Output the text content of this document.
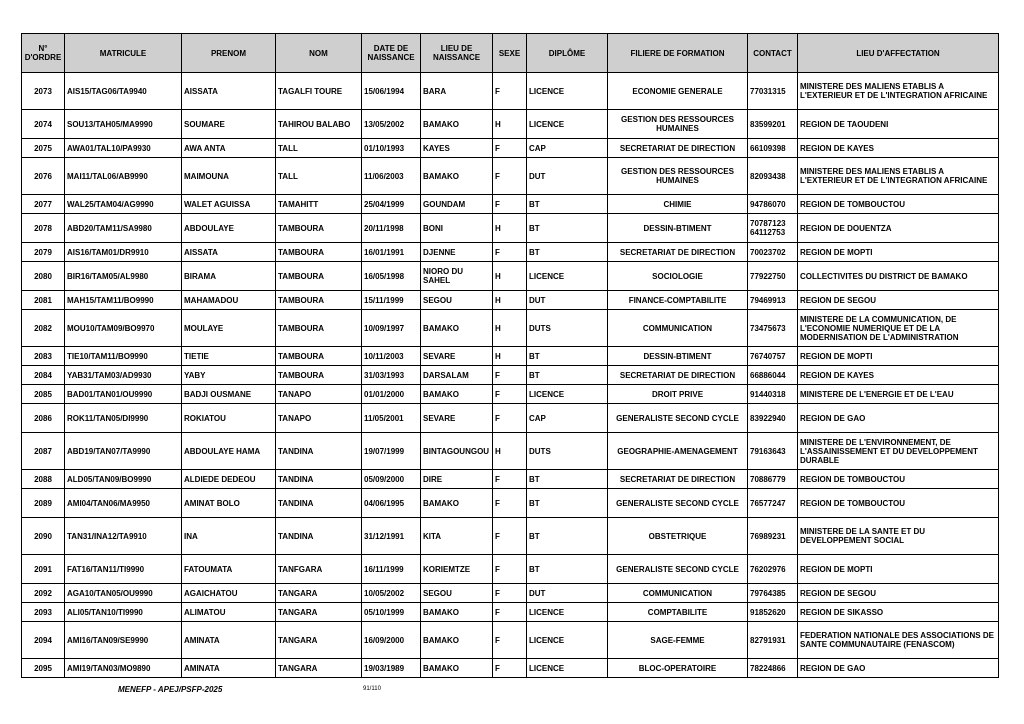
N° D'ORDRE	MATRICULE	PRENOM	NOM	DATE DE NAISSANCE	LIEU DE NAISSANCE	SEXE	DIPLÔME	FILIERE DE FORMATION	CONTACT	LIEU D'AFFECTATION
2073	AIS15/TAG06/TA9940	AISSATA	TAGALFI TOURE	15/06/1994	BARA	F	LICENCE	ECONOMIE GENERALE	77031315	MINISTERE DES MALIENS ETABLIS A L'EXTERIEUR ET DE L'INTEGRATION AFRICAINE
2074	SOU13/TAH05/MA9990	SOUMARE	TAHIROU BALABO	13/05/2002	BAMAKO	H	LICENCE	GESTION DES RESSOURCES HUMAINES	83599201	REGION DE TAOUDENI
2075	AWA01/TAL10/PA9930	AWA ANTA	TALL	01/10/1993	KAYES	F	CAP	SECRETARIAT DE DIRECTION	66109398	REGION DE KAYES
2076	MAI11/TAL06/AB9990	MAIMOUNA	TALL	11/06/2003	BAMAKO	F	DUT	GESTION DES RESSOURCES HUMAINES	82093438	MINISTERE DES MALIENS ETABLIS A L'EXTERIEUR ET DE L'INTEGRATION AFRICAINE
2077	WAL25/TAM04/AG9990	WALET AGUISSA	TAMAHITT	25/04/1999	GOUNDAM	F	BT	CHIMIE	94786070	REGION DE TOMBOUCTOU
2078	ABD20/TAM11/SA9980	ABDOULAYE	TAMBOURA	20/11/1998	BONI	H	BT	DESSIN-BTIMENT	70787123 64112753	REGION DE DOUENTZA
2079	AIS16/TAM01/DR9910	AISSATA	TAMBOURA	16/01/1991	DJENNE	F	BT	SECRETARIAT DE DIRECTION	70023702	REGION DE MOPTI
2080	BIR16/TAM05/AL9980	BIRAMA	TAMBOURA	16/05/1998	NIORO DU SAHEL	H	LICENCE	SOCIOLOGIE	77922750	COLLECTIVITES DU DISTRICT DE BAMAKO
2081	MAH15/TAM11/BO9990	MAHAMADOU	TAMBOURA	15/11/1999	SEGOU	H	DUT	FINANCE-COMPTABILITE	79469913	REGION DE SEGOU
2082	MOU10/TAM09/BO9970	MOULAYE	TAMBOURA	10/09/1997	BAMAKO	H	DUTS	COMMUNICATION	73475673	MINISTERE DE LA COMMUNICATION, DE L'ECONOMIE NUMERIQUE ET DE LA MODERNISATION DE L'ADMINISTRATION
2083	TIE10/TAM11/BO9990	TIETIE	TAMBOURA	10/11/2003	SEVARE	H	BT	DESSIN-BTIMENT	76740757	REGION DE MOPTI
2084	YAB31/TAM03/AD9930	YABY	TAMBOURA	31/03/1993	DARSALAM	F	BT	SECRETARIAT DE DIRECTION	66886044	REGION DE KAYES
2085	BAD01/TAN01/OU9990	BADJI OUSMANE	TANAPO	01/01/2000	BAMAKO	F	LICENCE	DROIT PRIVE	91440318	MINISTERE DE L'ENERGIE ET DE L'EAU
2086	ROK11/TAN05/DI9990	ROKIATOU	TANAPO	11/05/2001	SEVARE	F	CAP	GENERALISTE SECOND CYCLE	83922940	REGION DE GAO
2087	ABD19/TAN07/TA9990	ABDOULAYE HAMA	TANDINA	19/07/1999	BINTAGOUNGOU	H	DUTS	GEOGRAPHIE-AMENAGEMENT	79163643	MINISTERE DE L'ENVIRONNEMENT, DE L'ASSAINISSEMENT ET DU DEVELOPPEMENT DURABLE
2088	ALD05/TAN09/BO9990	ALDIEDE DEDEOU	TANDINA	05/09/2000	DIRE	F	BT	SECRETARIAT DE DIRECTION	70886779	REGION DE TOMBOUCTOU
2089	AMI04/TAN06/MA9950	AMINAT BOLO	TANDINA	04/06/1995	BAMAKO	F	BT	GENERALISTE SECOND CYCLE	76577247	REGION DE TOMBOUCTOU
2090	TAN31/INA12/TA9910	INA	TANDINA	31/12/1991	KITA	F	BT	OBSTETRIQUE	76989231	MINISTERE DE LA SANTE ET DU DEVELOPPEMENT SOCIAL
2091	FAT16/TAN11/TI9990	FATOUMATA	TANFGARA	16/11/1999	KORIEMTZE	F	BT	GENERALISTE SECOND CYCLE	76202976	REGION DE MOPTI
2092	AGA10/TAN05/OU9990	AGAICHATOU	TANGARA	10/05/2002	SEGOU	F	DUT	COMMUNICATION	79764385	REGION DE SEGOU
2093	ALI05/TAN10/TI9990	ALIMATOU	TANGARA	05/10/1999	BAMAKO	F	LICENCE	COMPTABILITE	91852620	REGION DE SIKASSO
2094	AMI16/TAN09/SE9990	AMINATA	TANGARA	16/09/2000	BAMAKO	F	LICENCE	SAGE-FEMME	82791931	FEDERATION NATIONALE DES ASSOCIATIONS DE SANTE COMMUNAUTAIRE (FENASCOM)
2095	AMI19/TAN03/MO9890	AMINATA	TANGARA	19/03/1989	BAMAKO	F	LICENCE	BLOC-OPERATOIRE	78224866	REGION DE GAO
MENEFP - APEJ/PSFP-2025	91/110
